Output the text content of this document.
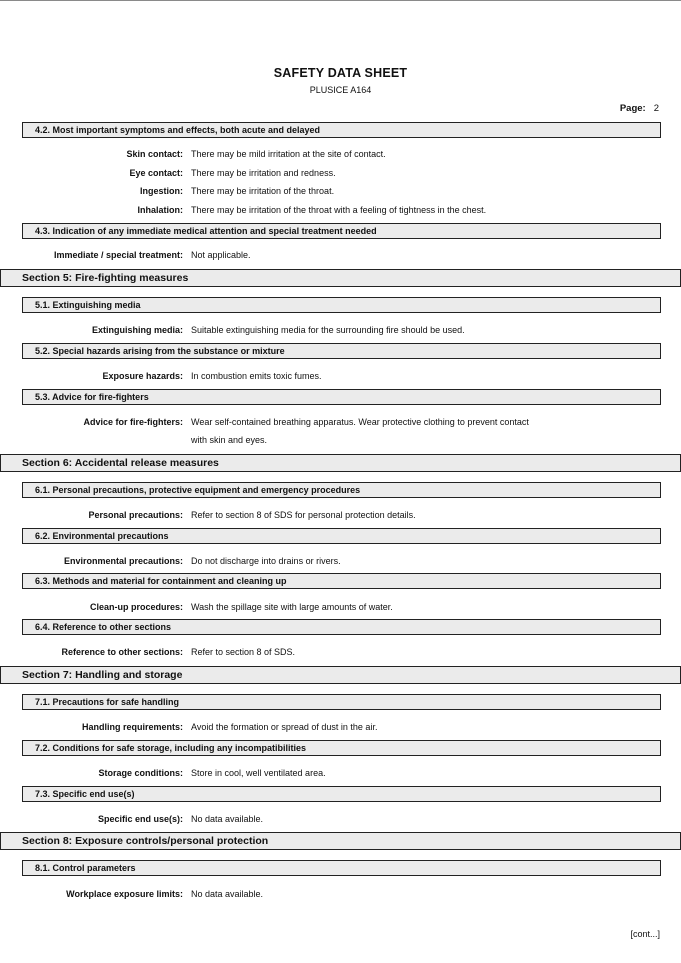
SAFETY DATA SHEET
PLUSICE A164
Page: 2
4.2. Most important symptoms and effects, both acute and delayed
Skin contact: There may be mild irritation at the site of contact.
Eye contact: There may be irritation and redness.
Ingestion: There may be irritation of the throat.
Inhalation: There may be irritation of the throat with a feeling of tightness in the chest.
4.3. Indication of any immediate medical attention and special treatment needed
Immediate / special treatment: Not applicable.
Section 5: Fire-fighting measures
5.1. Extinguishing media
Extinguishing media: Suitable extinguishing media for the surrounding fire should be used.
5.2. Special hazards arising from the substance or mixture
Exposure hazards: In combustion emits toxic fumes.
5.3. Advice for fire-fighters
Advice for fire-fighters: Wear self-contained breathing apparatus. Wear protective clothing to prevent contact
with skin and eyes.
Section 6: Accidental release measures
6.1. Personal precautions, protective equipment and emergency procedures
Personal precautions: Refer to section 8 of SDS for personal protection details.
6.2. Environmental precautions
Environmental precautions: Do not discharge into drains or rivers.
6.3. Methods and material for containment and cleaning up
Clean-up procedures: Wash the spillage site with large amounts of water.
6.4. Reference to other sections
Reference to other sections: Refer to section 8 of SDS.
Section 7: Handling and storage
7.1. Precautions for safe handling
Handling requirements: Avoid the formation or spread of dust in the air.
7.2. Conditions for safe storage, including any incompatibilities
Storage conditions: Store in cool, well ventilated area.
7.3. Specific end use(s)
Specific end use(s): No data available.
Section 8: Exposure controls/personal protection
8.1. Control parameters
Workplace exposure limits: No data available.
[cont...]
